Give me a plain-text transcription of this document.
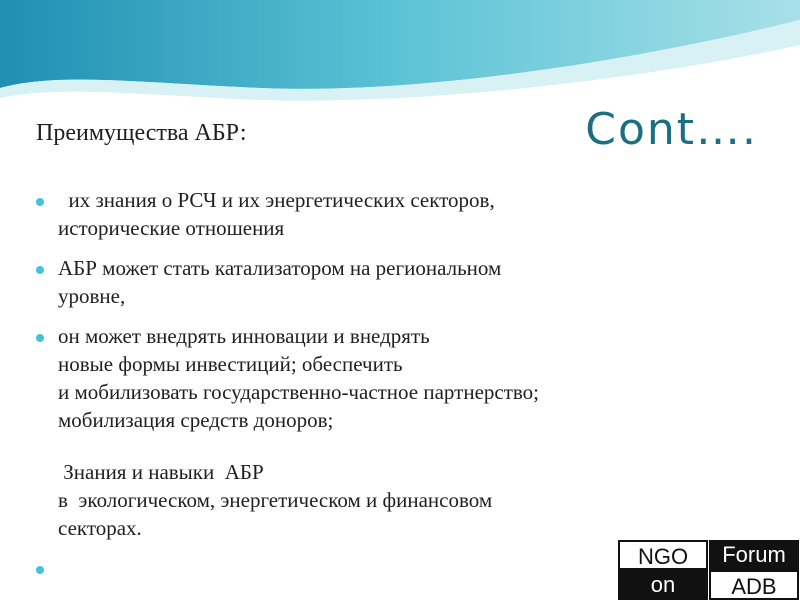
Преимущества АБР:	Cont….
их знания о РСЧ и их энергетических секторов,
исторические отношения
АБР может стать катализатором на региональном
уровне,
он может внедрять инновации и внедрять
новые формы инвестиций; обеспечить
и мобилизовать государственно-частное партнерство;
мобилизация средств доноров;
Знания и навыки  АБР
в  экологическом, энергетическом и финансовом
секторах.
NGO	Forum
on	ADB
